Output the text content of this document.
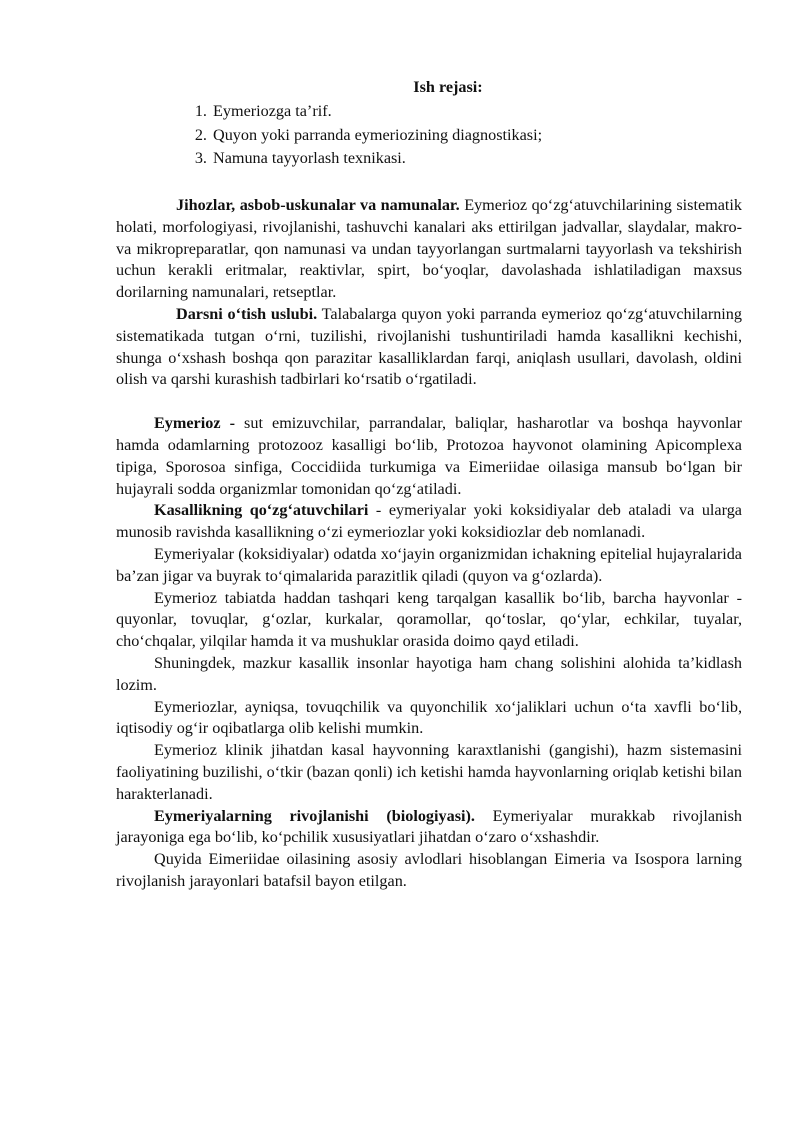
Ish rejasi:
1. Eymeriozga ta’rif.
2. Quyon yoki parranda eymeriozining diagnostikasi;
3. Namuna tayyorlash texnikasi.

Jihozlar, asbob-uskunalar va namunalar. Eymerioz qo‘zg‘atuvchilarining sistematik holati, morfologiyasi, rivojlanishi, tashuvchi kanalari aks ettirilgan jadvallar, slaydalar, makro- va mikropreparatlar, qon namunasi va undan tayyorlangan surtmalarni tayyorlash va tekshirish uchun kerakli eritmalar, reaktivlar, spirt, bo‘yoqlar, davolashada ishlatiladigan maxsus dorilarning namunalari, retseptlar.

Darsni o‘tish uslubi. Talabalarga quyon yoki parranda eymerioz qo‘zg‘atuvchilarning sistematikada tutgan o‘rni, tuzilishi, rivojlanishi tushuntiriladi hamda kasallikni kechishi, shunga o‘xshash boshqa qon parazitar kasalliklardan farqi, aniqlash usullari, davolash, oldini olish va qarshi kurashish tadbirlari ko‘rsatib o‘rgatiladi.

Eymerioz - sut emizuvchilar, parrandalar, baliqlar, hasharotlar va boshqa hayvonlar hamda odamlarning protozooz kasalligi bo‘lib, Protozoa hayvonot olamining Apicomplexa tipiga, Sporosoa sinfiga, Coccidiida turkumiga va Eimeriidae oilasiga mansub bo‘lgan bir hujayrali sodda organizmlar tomonidan qo‘zg‘atiladi.

Kasallikning qo‘zg‘atuvchilari - eymeriyalar yoki koksidiyalar deb ataladi va ularga munosib ravishda kasallikning o‘zi eymeriozlar yoki koksidiozlar deb nomlanadi.

Eymeriyalar (koksidiyalar) odatda xo‘jayin organizmidan ichakning epitelial hujayralarida ba’zan jigar va buyrak to‘qimalarida parazitlik qiladi (quyon va g‘ozlarda).

Eymerioz tabiatda haddan tashqari keng tarqalgan kasallik bo‘lib, barcha hayvonlar - quyonlar, tovuqlar, g‘ozlar, kurkalar, qoramollar, qo‘toslar, qo‘ylar, echkilar, tuyalar, cho‘chqalar, yilqilar hamda it va mushuklar orasida doimo qayd etiladi.

Shuningdek, mazkur kasallik insonlar hayotiga ham chang solishini alohida ta’kidlash lozim.

Eymeriozlar, ayniqsa, tovuqchilik va quyonchilik xo‘jaliklari uchun o‘ta xavfli bo‘lib, iqtisodiy og‘ir oqibatlarga olib kelishi mumkin.

Eymerioz klinik jihatdan kasal hayvonning karaxtlanishi (gangishi), hazm sistemasini faoliyatining buzilishi, o‘tkir (bazan qonli) ich ketishi hamda hayvonlarning oriqlab ketishi bilan harakterlanadi.

Eymeriyalarning rivojlanishi (biologiyasi). Eymeriyalar murakkab rivojlanish jarayoniga ega bo‘lib, ko‘pchilik xususiyatlari jihatdan o‘zaro o‘xshashdir.

Quyida Eimeriidae oilasining asosiy avlodlari hisoblangan Eimeria va Isospora larning rivojlanish jarayonlari batafsil bayon etilgan.
